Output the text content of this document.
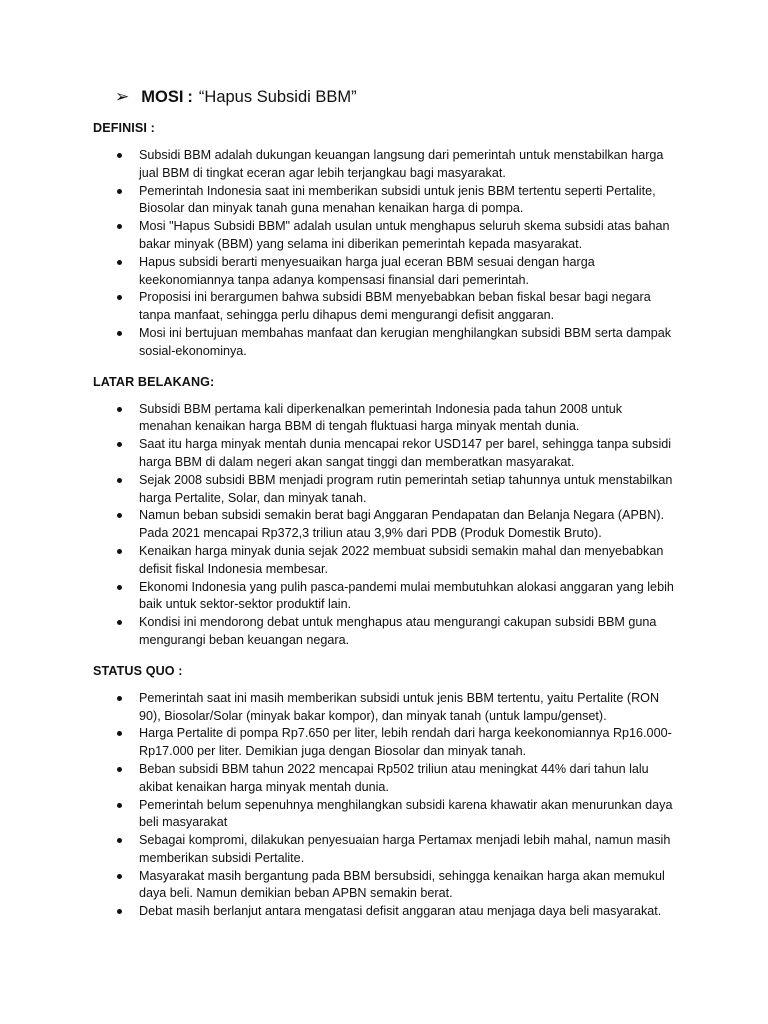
➢ MOSI : “Hapus Subsidi BBM”
DEFINISI :
Subsidi BBM adalah dukungan keuangan langsung dari pemerintah untuk menstabilkan harga jual BBM di tingkat eceran agar lebih terjangkau bagi masyarakat.
Pemerintah Indonesia saat ini memberikan subsidi untuk jenis BBM tertentu seperti Pertalite, Biosolar dan minyak tanah guna menahan kenaikan harga di pompa.
Mosi "Hapus Subsidi BBM" adalah usulan untuk menghapus seluruh skema subsidi atas bahan bakar minyak (BBM) yang selama ini diberikan pemerintah kepada masyarakat.
Hapus subsidi berarti menyesuaikan harga jual eceran BBM sesuai dengan harga keekonomiannya tanpa adanya kompensasi finansial dari pemerintah.
Proposisi ini berargumen bahwa subsidi BBM menyebabkan beban fiskal besar bagi negara tanpa manfaat, sehingga perlu dihapus demi mengurangi defisit anggaran.
Mosi ini bertujuan membahas manfaat dan kerugian menghilangkan subsidi BBM serta dampak sosial-ekonominya.
LATAR BELAKANG:
Subsidi BBM pertama kali diperkenalkan pemerintah Indonesia pada tahun 2008 untuk menahan kenaikan harga BBM di tengah fluktuasi harga minyak mentah dunia.
Saat itu harga minyak mentah dunia mencapai rekor USD147 per barel, sehingga tanpa subsidi harga BBM di dalam negeri akan sangat tinggi dan memberatkan masyarakat.
Sejak 2008 subsidi BBM menjadi program rutin pemerintah setiap tahunnya untuk menstabilkan harga Pertalite, Solar, dan minyak tanah.
Namun beban subsidi semakin berat bagi Anggaran Pendapatan dan Belanja Negara (APBN). Pada 2021 mencapai Rp372,3 triliun atau 3,9% dari PDB (Produk Domestik Bruto).
Kenaikan harga minyak dunia sejak 2022 membuat subsidi semakin mahal dan menyebabkan defisit fiskal Indonesia membesar.
Ekonomi Indonesia yang pulih pasca-pandemi mulai membutuhkan alokasi anggaran yang lebih baik untuk sektor-sektor produktif lain.
Kondisi ini mendorong debat untuk menghapus atau mengurangi cakupan subsidi BBM guna mengurangi beban keuangan negara.
STATUS QUO :
Pemerintah saat ini masih memberikan subsidi untuk jenis BBM tertentu, yaitu Pertalite (RON 90), Biosolar/Solar (minyak bakar kompor), dan minyak tanah (untuk lampu/genset).
Harga Pertalite di pompa Rp7.650 per liter, lebih rendah dari harga keekonomiannya Rp16.000-Rp17.000 per liter. Demikian juga dengan Biosolar dan minyak tanah.
Beban subsidi BBM tahun 2022 mencapai Rp502 triliun atau meningkat 44% dari tahun lalu akibat kenaikan harga minyak mentah dunia.
Pemerintah belum sepenuhnya menghilangkan subsidi karena khawatir akan menurunkan daya beli masyarakat
Sebagai kompromi, dilakukan penyesuaian harga Pertamax menjadi lebih mahal, namun masih memberikan subsidi Pertalite.
Masyarakat masih bergantung pada BBM bersubsidi, sehingga kenaikan harga akan memukul daya beli. Namun demikian beban APBN semakin berat.
Debat masih berlanjut antara mengatasi defisit anggaran atau menjaga daya beli masyarakat.
